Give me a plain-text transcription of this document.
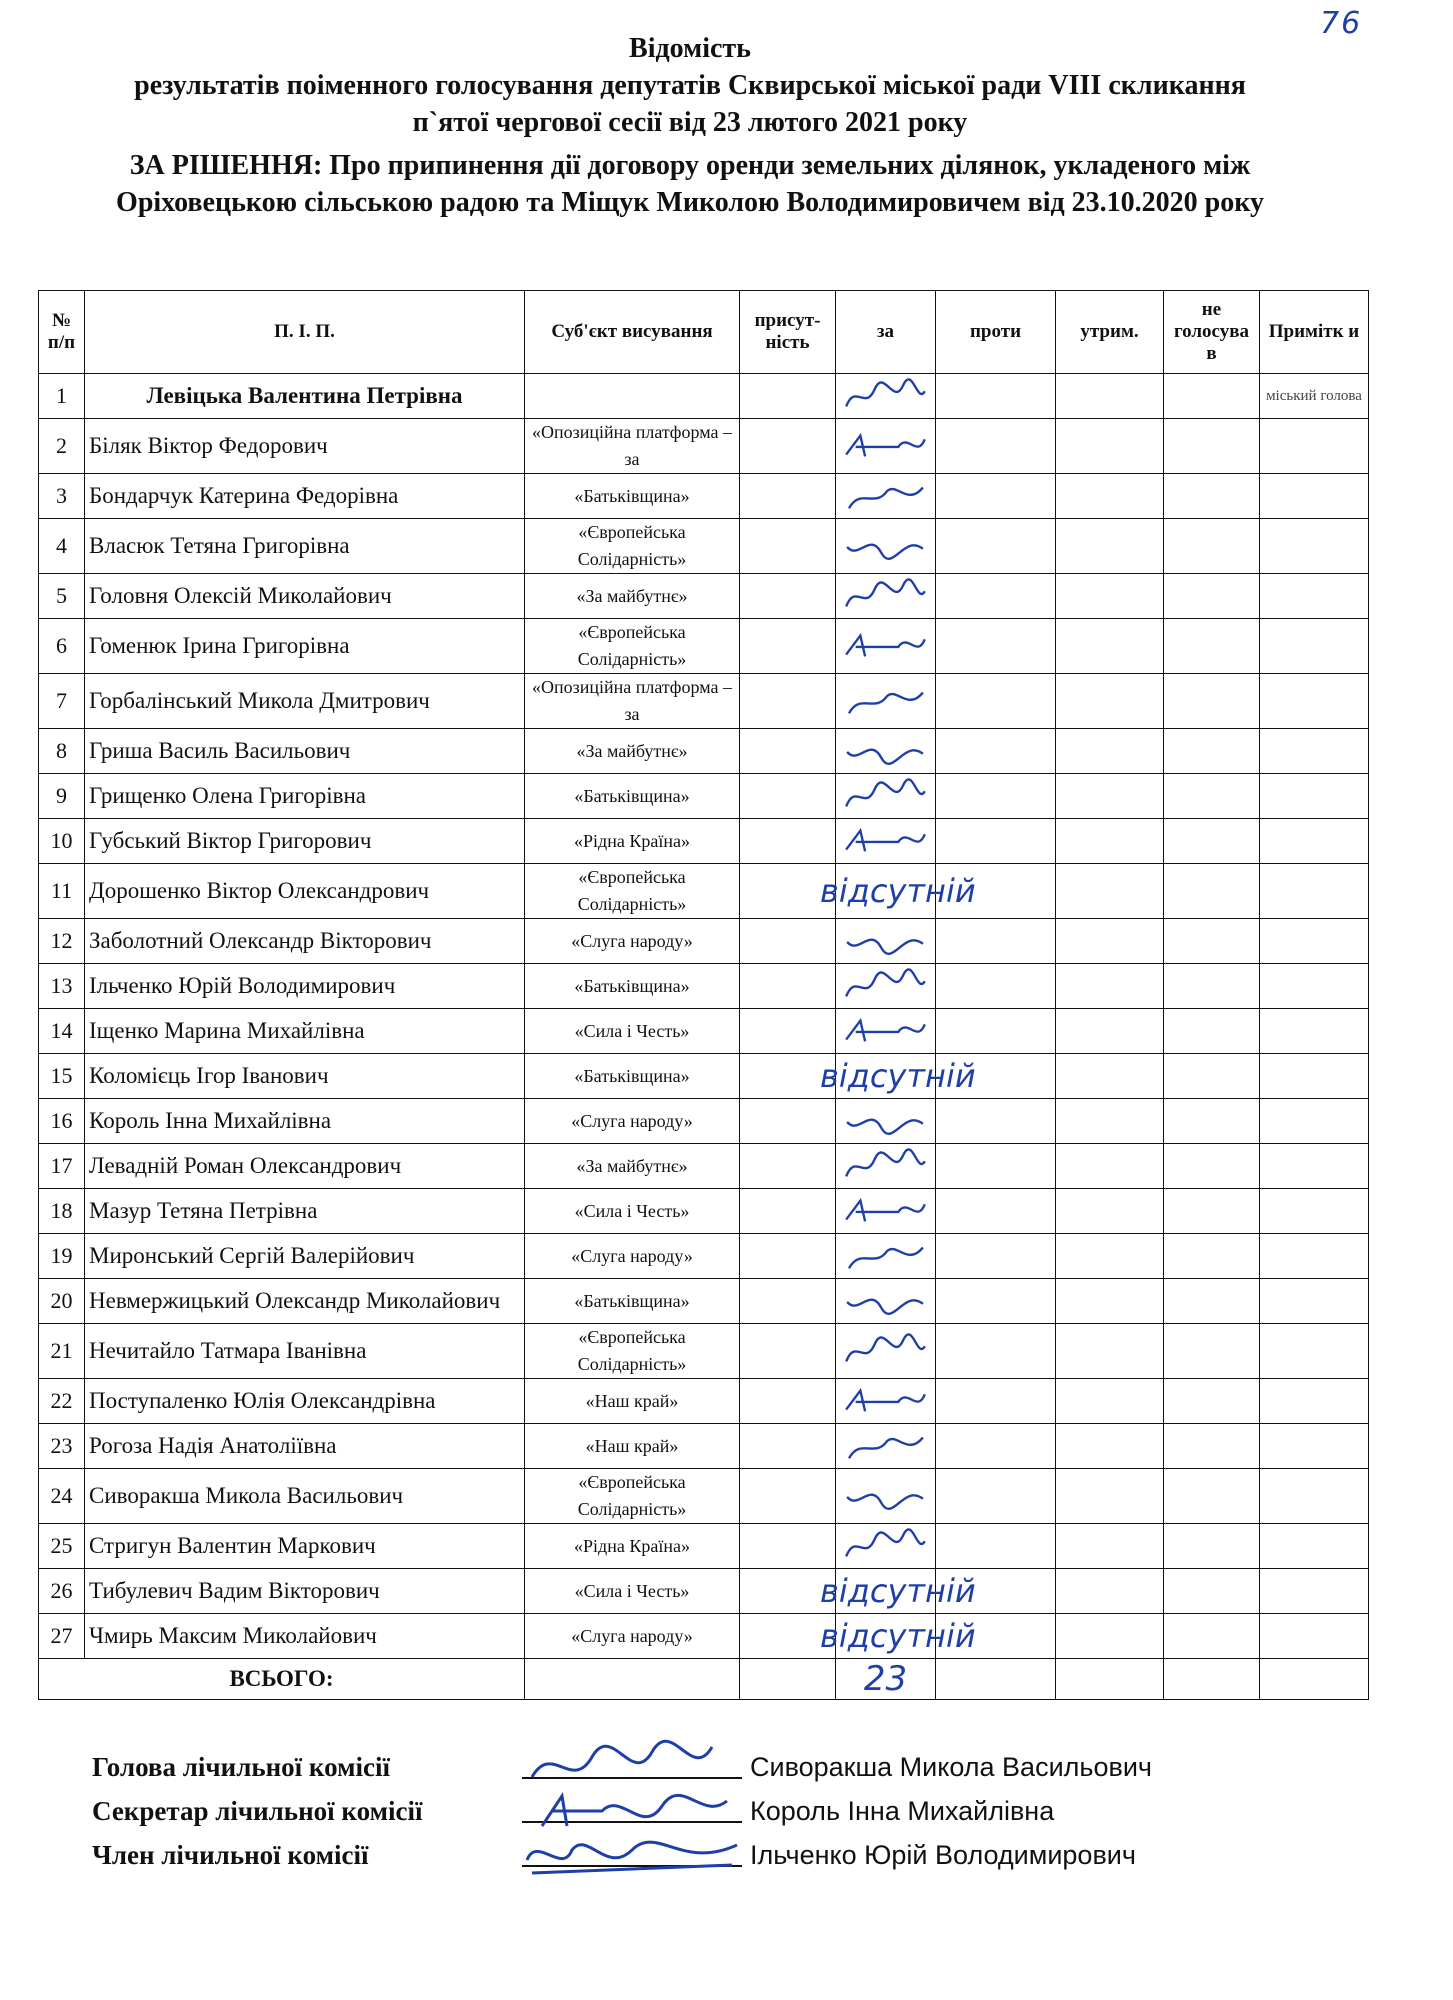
76
Відомість
результатів поіменного голосування депутатів Сквирської міської ради VIII скликання
п`ятої чергової сесії від 23 лютого 2021 року
ЗА РІШЕННЯ: Про припинення дії договору оренди земельних ділянок, укладеного між
Оріховецькою сільською радою та Міщук Миколою Володимировичем від 23.10.2020 року
№ п/п	П. І. П.	Суб'єкт висування	присут-ність	за	проти	утрим.	не голосува в	Примітк и
1	Левіцька Валентина Петрівна							міський голова
2	Біляк Віктор Федорович	«Опозиційна платформа – за						
3	Бондарчук Катерина Федорівна	«Батьківщина»						
4	Власюк Тетяна Григорівна	«Європейська Солідарність»						
5	Головня Олексій Миколайович	«За майбутнє»						
6	Гоменюк Ірина Григорівна	«Європейська Солідарність»						
7	Горбалінський Микола Дмитрович	«Опозиційна платформа – за						
8	Гриша Василь Васильович	«За майбутнє»						
9	Грищенко Олена Григорівна	«Батьківщина»						
10	Губський Віктор Григорович	«Рідна Країна»						
11	Дорошенко Віктор Олександрович	«Європейська Солідарність»		відсутній				
12	Заболотний Олександр Вікторович	«Слуга народу»						
13	Ільченко Юрій Володимирович	«Батьківщина»						
14	Іщенко Марина Михайлівна	«Сила і Честь»						
15	Коломієць Ігор Іванович	«Батьківщина»		відсутній				
16	Король Інна Михайлівна	«Слуга народу»						
17	Левадній Роман Олександрович	«За майбутнє»						
18	Мазур Тетяна Петрівна	«Сила і Честь»						
19	Миронський Сергій Валерійович	«Слуга народу»						
20	Невмержицький Олександр Миколайович	«Батьківщина»						
21	Нечитайло Татмара Іванівна	«Європейська Солідарність»						
22	Поступаленко Юлія Олександрівна	«Наш край»						
23	Рогоза Надія Анатоліївна	«Наш край»						
24	Сиворакша Микола Васильович	«Європейська Солідарність»						
25	Стригун Валентин Маркович	«Рідна Країна»						
26	Тибулевич Вадим Вікторович	«Сила і Честь»		відсутній				
27	Чмирь Максим Миколайович	«Слуга народу»		відсутній				
ВСЬОГО:				23				

Голова лічильної комісії	Сиворакша Микола Васильович
Секретар лічильної комісії	Король Інна Михайлівна
Член лічильної комісії	Ільченко Юрій Володимирович
